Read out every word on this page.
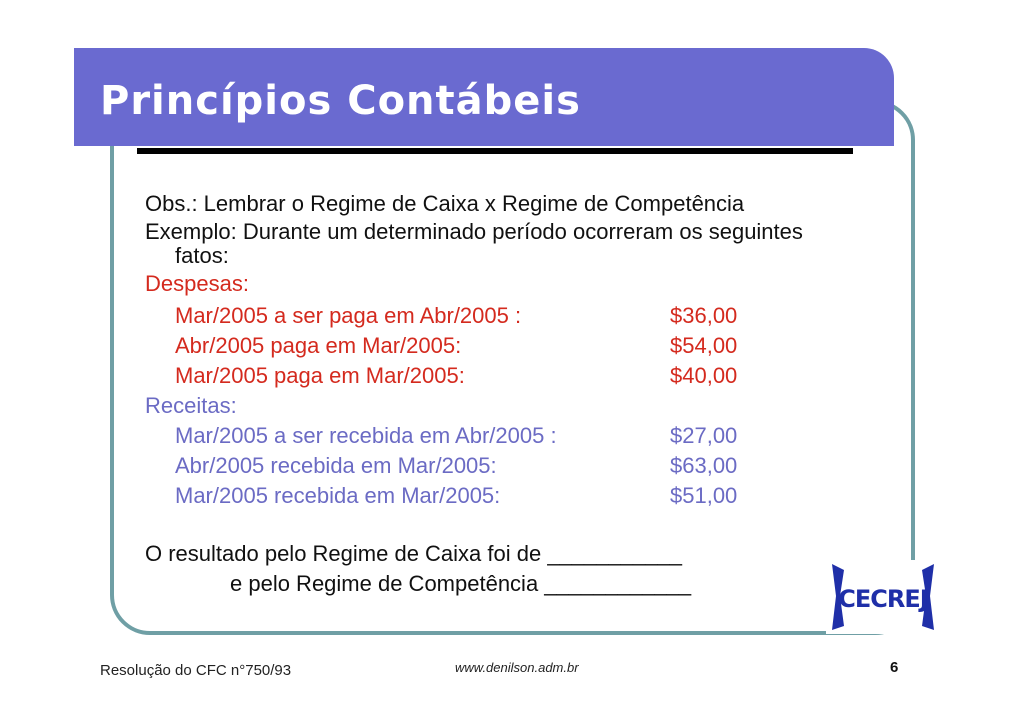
Princípios Contábeis
Obs.: Lembrar o Regime de Caixa x Regime de Competência
Exemplo: Durante um determinado período ocorreram os seguintes
fatos:
Despesas:
Mar/2005 a ser paga em Abr/2005 :	$36,00
Abr/2005 paga em Mar/2005:	$54,00
Mar/2005 paga em Mar/2005:	$40,00
Receitas:
Mar/2005 a ser recebida em Abr/2005 :	$27,00
Abr/2005 recebida em Mar/2005:	$63,00
Mar/2005 recebida em Mar/2005:	$51,00
O resultado pelo Regime de Caixa foi de ___________
e pelo Regime de Competência ____________
CECREJ
Resolução do CFC n°750/93	www.denilson.adm.br	6
